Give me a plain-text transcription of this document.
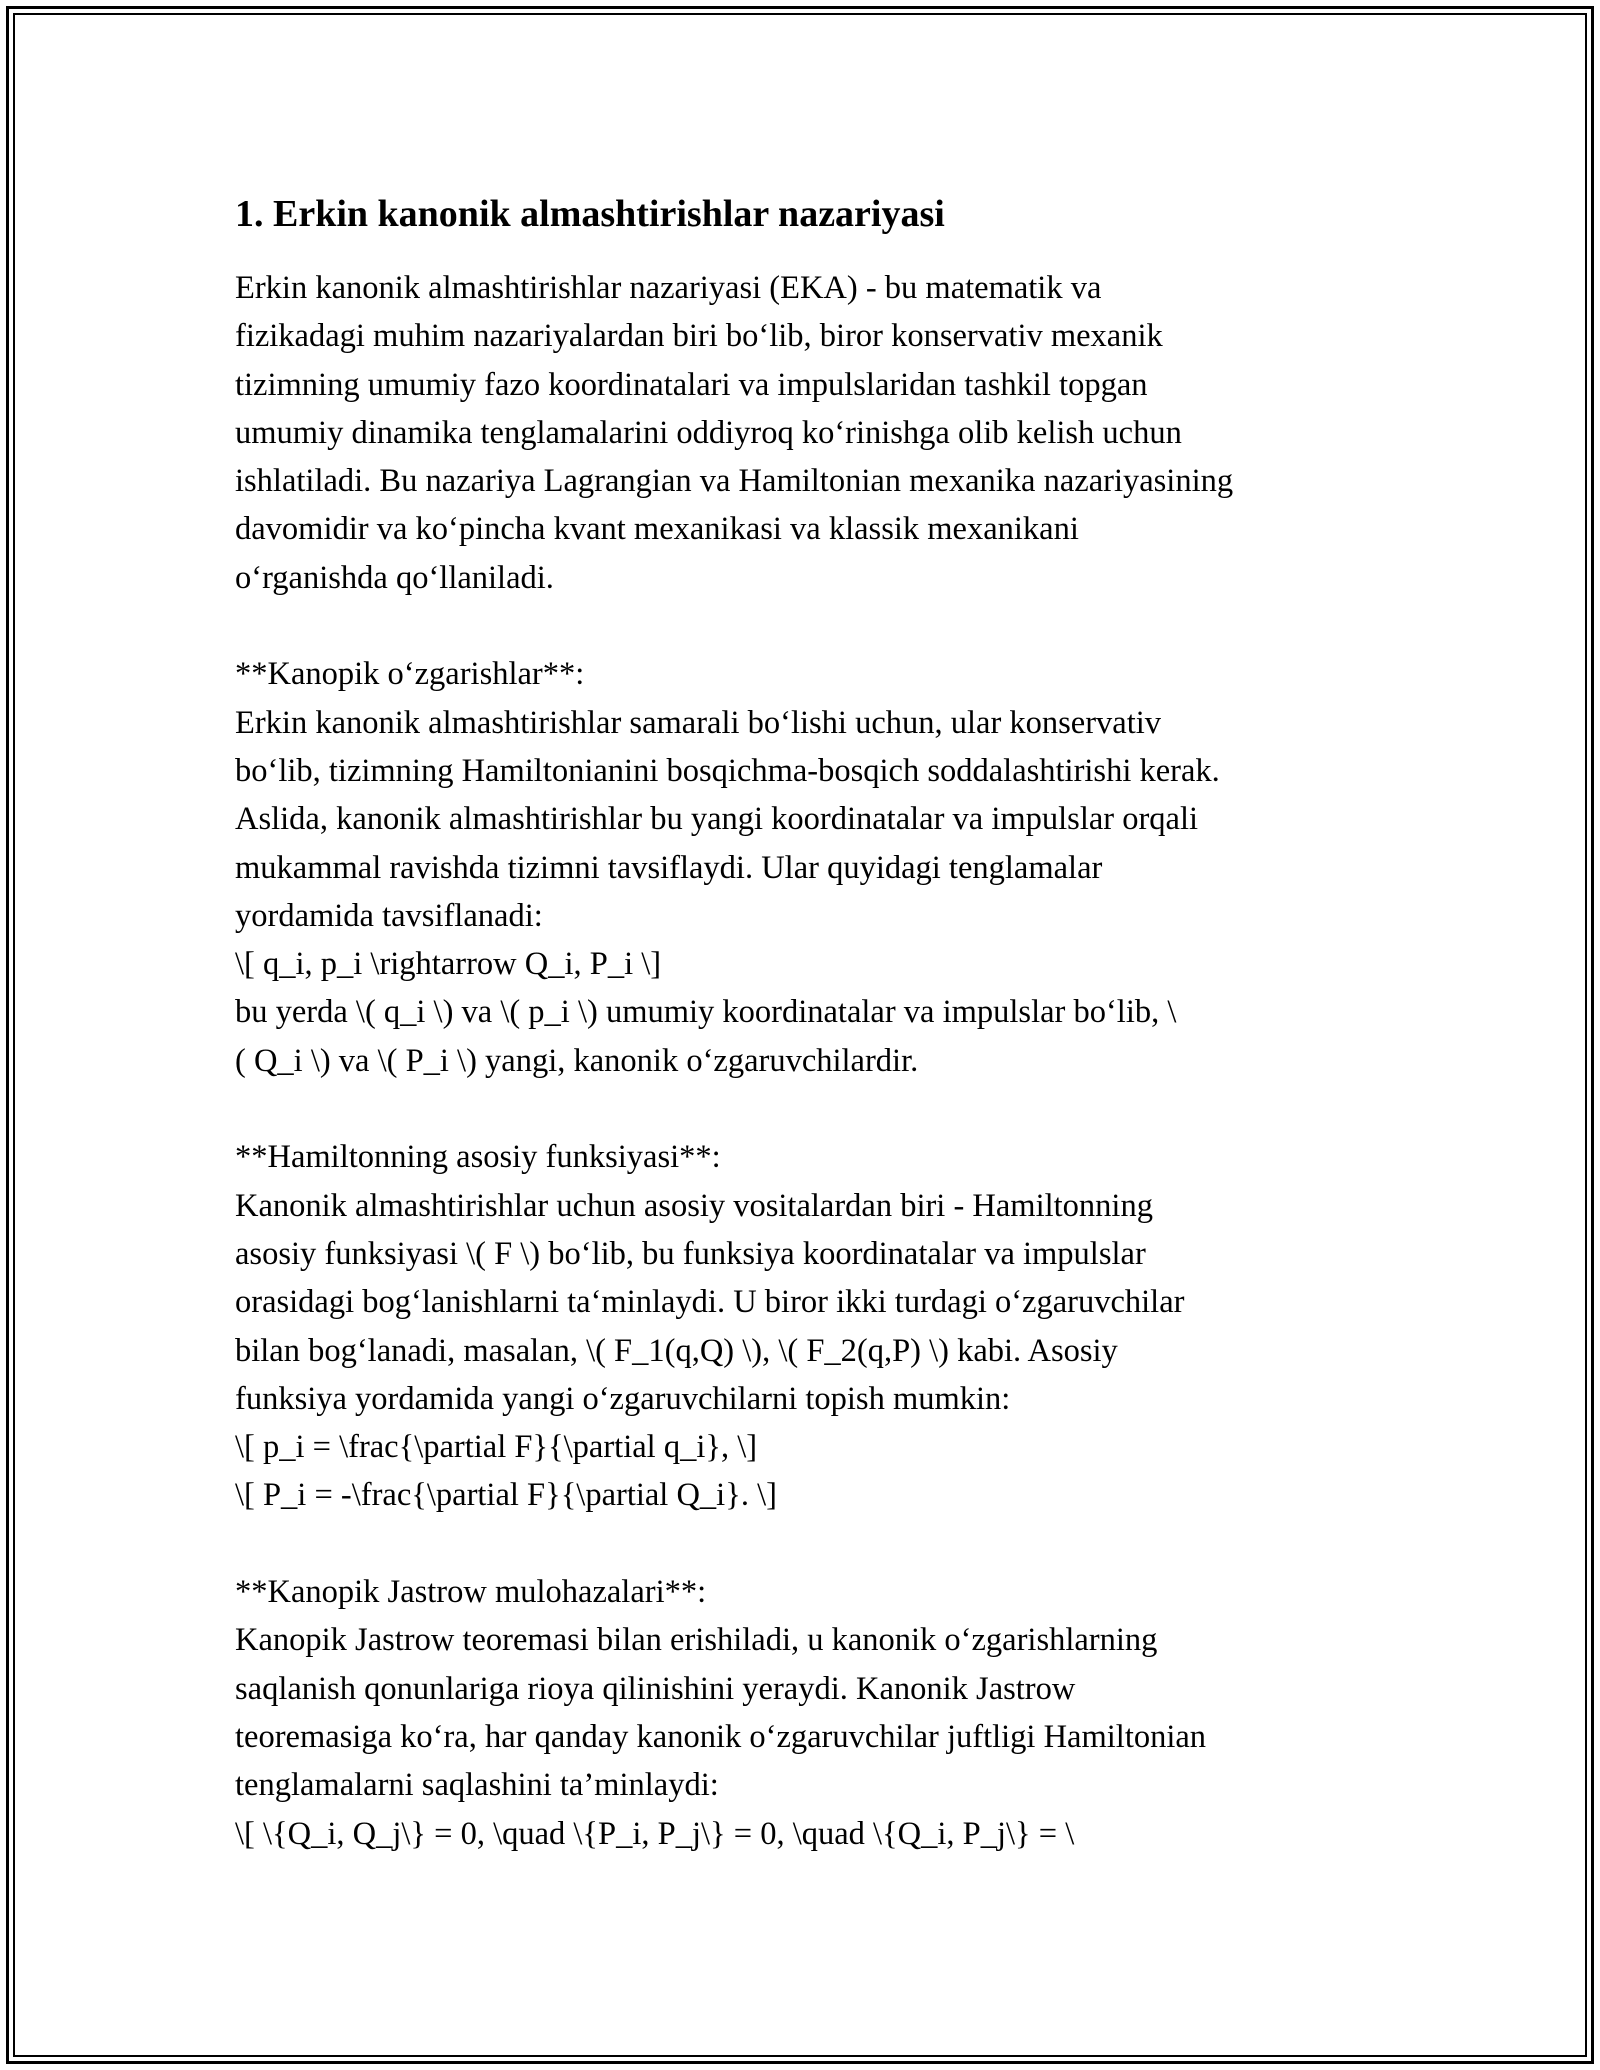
1. Erkin kanonik almashtirishlar nazariyasi
Erkin kanonik almashtirishlar nazariyasi (EKA) - bu matematik va
fizikadagi muhim nazariyalardan biri bo‘lib, biror konservativ mexanik
tizimning umumiy fazo koordinatalari va impulslaridan tashkil topgan
umumiy dinamika tenglamalarini oddiyroq ko‘rinishga olib kelish uchun
ishlatiladi. Bu nazariya Lagrangian va Hamiltonian mexanika nazariyasining
davomidir va ko‘pincha kvant mexanikasi va klassik mexanikani
o‘rganishda qo‘llaniladi.
**Kanopik o‘zgarishlar**:
Erkin kanonik almashtirishlar samarali bo‘lishi uchun, ular konservativ
bo‘lib, tizimning Hamiltonianini bosqichma-bosqich soddalashtirishi kerak.
Aslida, kanonik almashtirishlar bu yangi koordinatalar va impulslar orqali
mukammal ravishda tizimni tavsiflaydi. Ular quyidagi tenglamalar
yordamida tavsiflanadi:
\[ q_i, p_i \rightarrow Q_i, P_i \]
bu yerda \( q_i \) va \( p_i \) umumiy koordinatalar va impulslar bo‘lib, \
( Q_i \) va \( P_i \) yangi, kanonik o‘zgaruvchilardir.
**Hamiltonning asosiy funksiyasi**:
Kanonik almashtirishlar uchun asosiy vositalardan biri - Hamiltonning
asosiy funksiyasi \( F \) bo‘lib, bu funksiya koordinatalar va impulslar
orasidagi bog‘lanishlarni ta‘minlaydi. U biror ikki turdagi o‘zgaruvchilar
bilan bog‘lanadi, masalan, \( F_1(q,Q) \), \( F_2(q,P) \) kabi. Asosiy
funksiya yordamida yangi o‘zgaruvchilarni topish mumkin:
\[ p_i = \frac{\partial F}{\partial q_i}, \]
\[ P_i = -\frac{\partial F}{\partial Q_i}. \]
**Kanopik Jastrow mulohazalari**:
Kanopik Jastrow teoremasi bilan erishiladi, u kanonik o‘zgarishlarning
saqlanish qonunlariga rioya qilinishini yeraydi. Kanonik Jastrow
teoremasiga ko‘ra, har qanday kanonik o‘zgaruvchilar juftligi Hamiltonian
tenglamalarni saqlashini ta’minlaydi:
\[ \{Q_i, Q_j\} = 0, \quad \{P_i, P_j\} = 0, \quad \{Q_i, P_j\} = \
